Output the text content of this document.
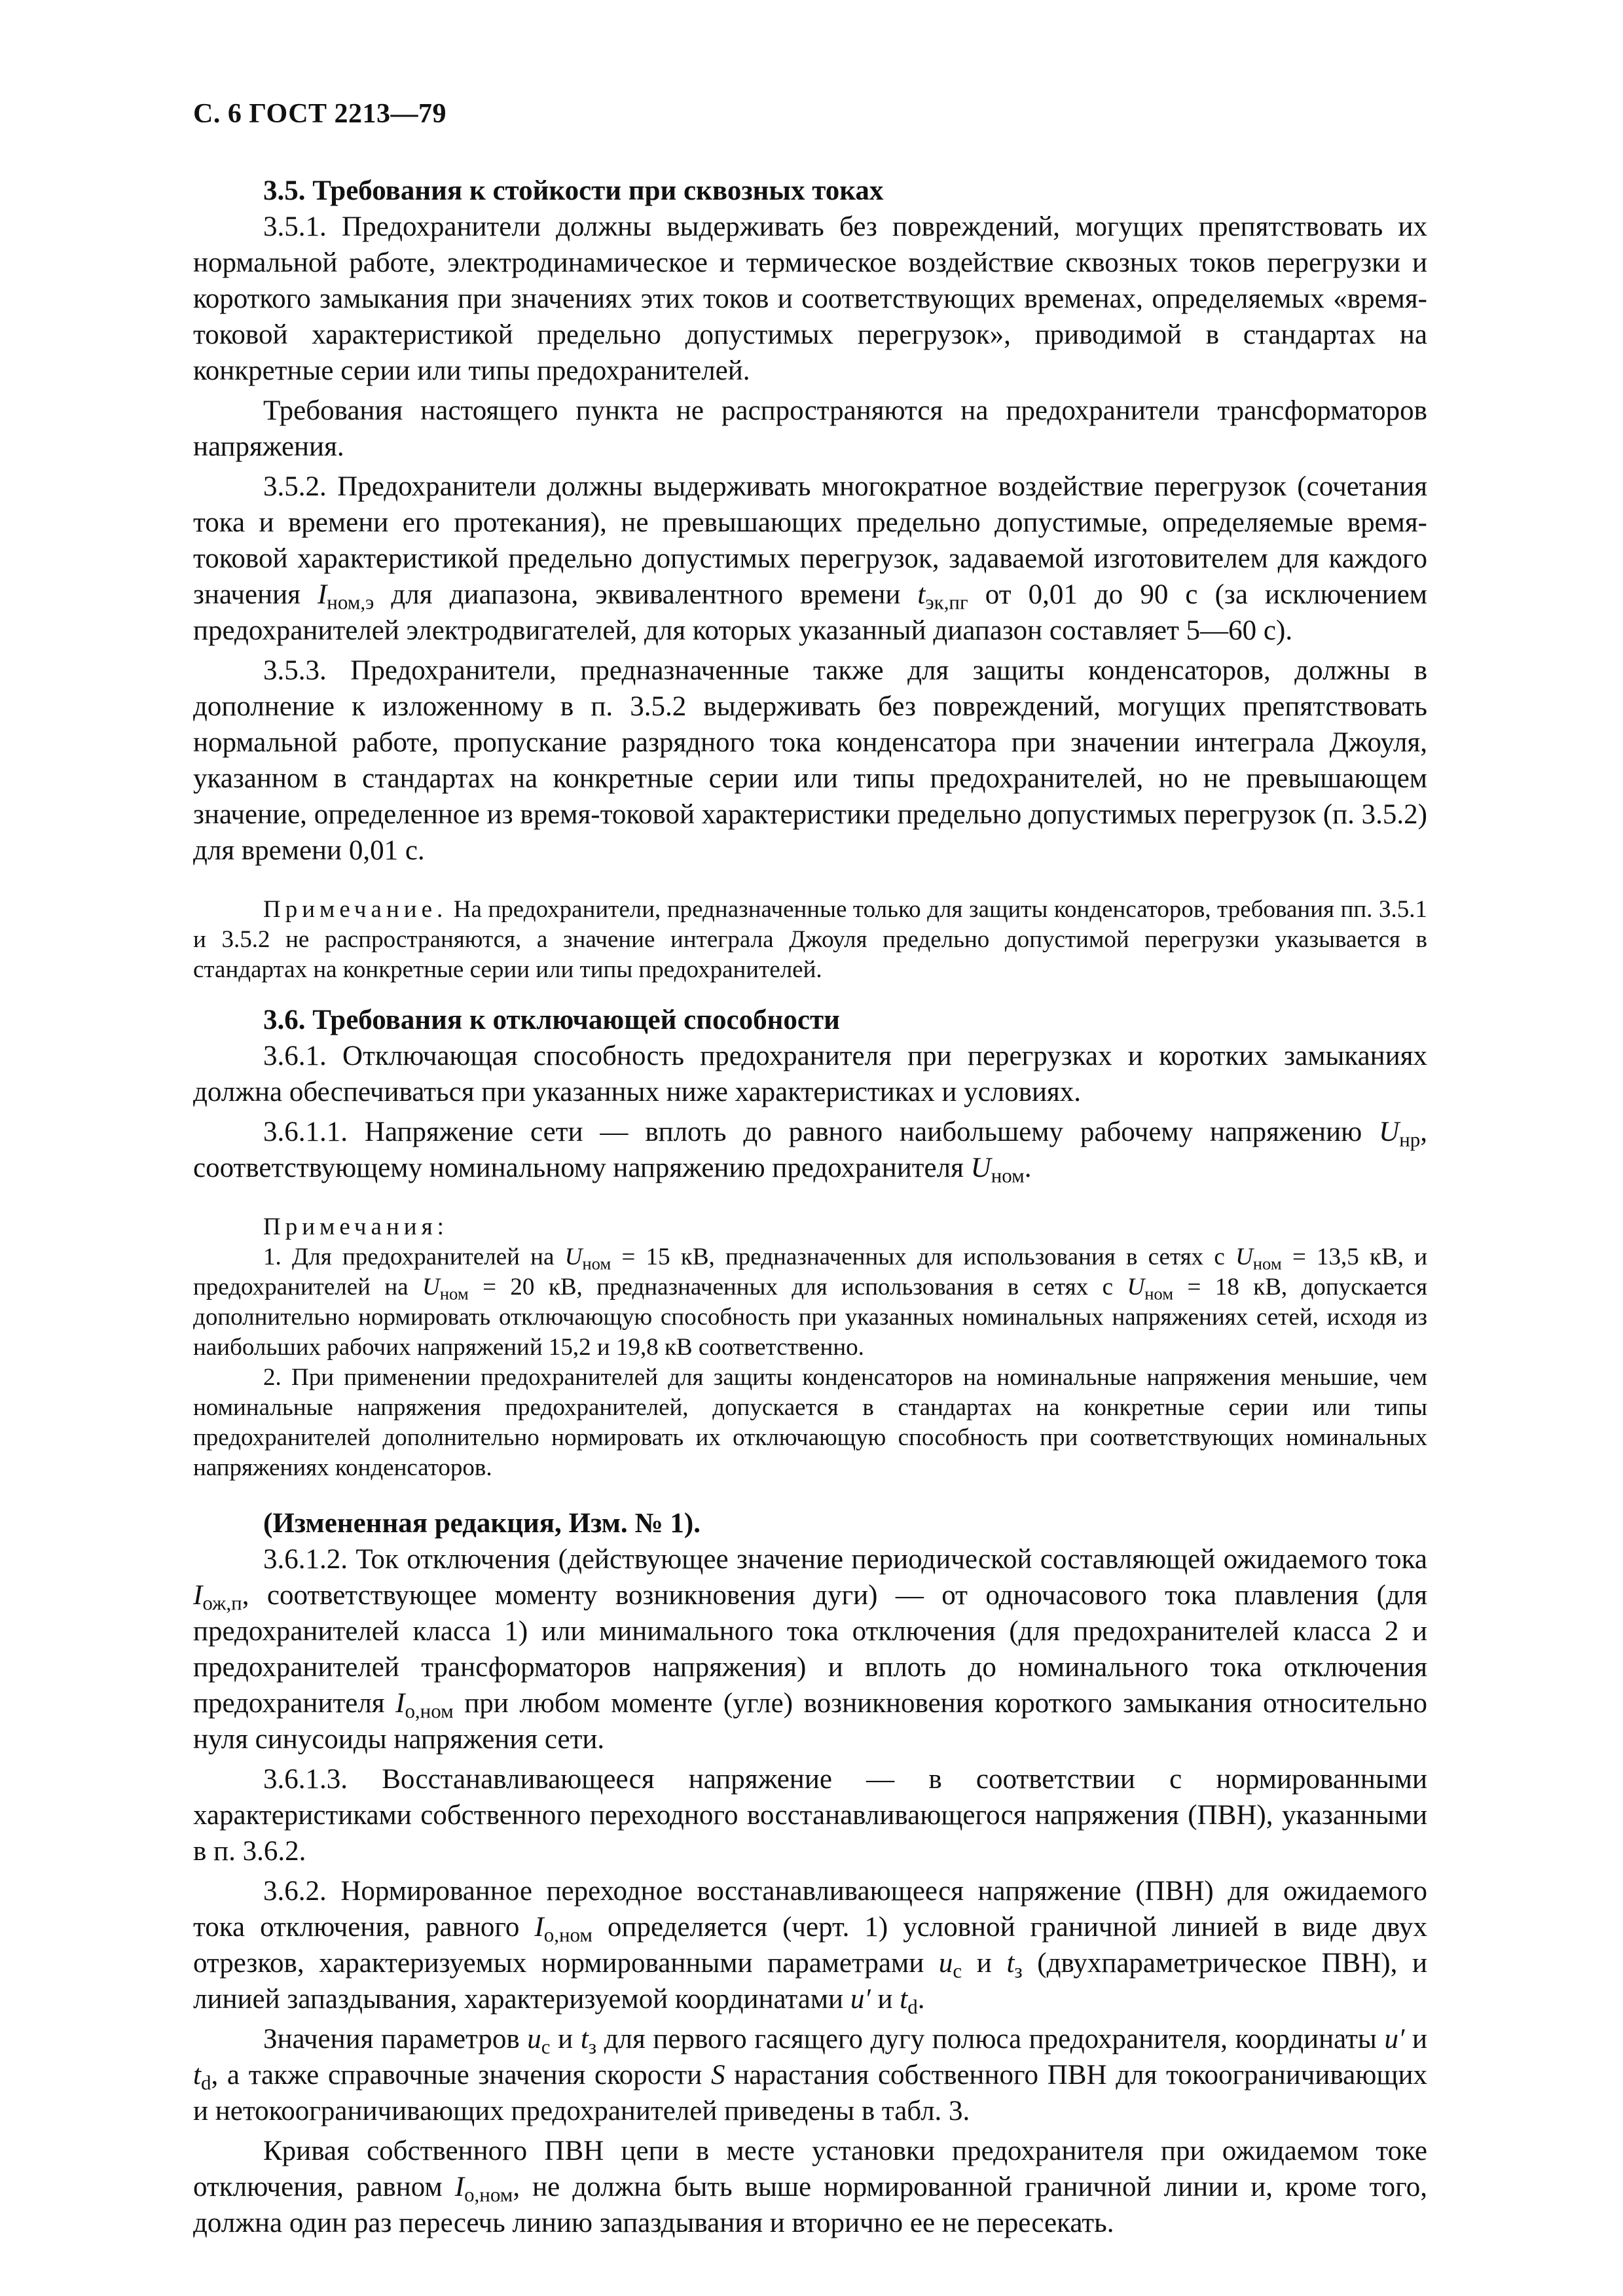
С. 6 ГОСТ 2213—79

3.5. Требования к стойкости при сквозных токах

3.5.1. Предохранители должны выдерживать без повреждений, могущих препятствовать их нормальной работе, электродинамическое и термическое воздействие сквозных токов перегрузки и короткого замыкания при значениях этих токов и соответствующих временах, определяемых «время-токовой характеристикой предельно допустимых перегрузок», приводимой в стандартах на конкретные серии или типы предохранителей.

Требования настоящего пункта не распространяются на предохранители трансформаторов напряжения.

3.5.2. Предохранители должны выдерживать многократное воздействие перегрузок (сочетания тока и времени его протекания), не превышающих предельно допустимые, определяемые время-токовой характеристикой предельно допустимых перегрузок, задаваемой изготовителем для каждого значения $I_{ном,э}$ для диапазона, эквивалентного времени $t_{эк,пг}$ от 0,01 до 90 с (за исключением предохранителей электродвигателей, для которых указанный диапазон составляет 5—60 с).

3.5.3. Предохранители, предназначенные также для защиты конденсаторов, должны в дополнение к изложенному в п. 3.5.2 выдерживать без повреждений, могущих препятствовать нормальной работе, пропускание разрядного тока конденсатора при значении интеграла Джоуля, указанном в стандартах на конкретные серии или типы предохранителей, но не превышающем значение, определенное из время-токовой характеристики предельно допустимых перегрузок (п. 3.5.2) для времени 0,01 с.

Примечание. На предохранители, предназначенные только для защиты конденсаторов, требования пп. 3.5.1 и 3.5.2 не распространяются, а значение интеграла Джоуля предельно допустимой перегрузки указывается в стандартах на конкретные серии или типы предохранителей.

3.6. Требования к отключающей способности

3.6.1. Отключающая способность предохранителя при перегрузках и коротких замыканиях должна обеспечиваться при указанных ниже характеристиках и условиях.

3.6.1.1. Напряжение сети — вплоть до равного наибольшему рабочему напряжению $U_{нр}$, соответствующему номинальному напряжению предохранителя $U_{ном}$.

Примечания:

1. Для предохранителей на $U_{ном} = 15$ кВ, предназначенных для использования в сетях с $U_{ном} = 13,5$ кВ, и предохранителей на $U_{ном} = 20$ кВ, предназначенных для использования в сетях с $U_{ном} = 18$ кВ, допускается дополнительно нормировать отключающую способность при указанных номинальных напряжениях сетей, исходя из наибольших рабочих напряжений 15,2 и 19,8 кВ соответственно.

2. При применении предохранителей для защиты конденсаторов на номинальные напряжения меньшие, чем номинальные напряжения предохранителей, допускается в стандартах на конкретные серии или типы предохранителей дополнительно нормировать их отключающую способность при соответствующих номинальных напряжениях конденсаторов.

(Измененная редакция, Изм. № 1).

3.6.1.2. Ток отключения (действующее значение периодической составляющей ожидаемого тока $I_{ож,п}$, соответствующее моменту возникновения дуги) — от одночасового тока плавления (для предохранителей класса 1) или минимального тока отключения (для предохранителей класса 2 и предохранителей трансформаторов напряжения) и вплоть до номинального тока отключения предохранителя $I_{о,ном}$ при любом моменте (угле) возникновения короткого замыкания относительно нуля синусоиды напряжения сети.

3.6.1.3. Восстанавливающееся напряжение — в соответствии с нормированными характеристиками собственного переходного восстанавливающегося напряжения (ПВН), указанными в п. 3.6.2.

3.6.2. Нормированное переходное восстанавливающееся напряжение (ПВН) для ожидаемого тока отключения, равного $I_{о,ном}$ определяется (черт. 1) условной граничной линией в виде двух отрезков, характеризуемых нормированными параметрами $u_с$ и $t_з$ (двухпараметрическое ПВН), и линией запаздывания, характеризуемой координатами u′ и $t_d$.

Значения параметров $u_с$ и $t_з$ для первого гасящего дугу полюса предохранителя, координаты u′ и $t_d$, а также справочные значения скорости S нарастания собственного ПВН для токоограничивающих и нетокоограничивающих предохранителей приведены в табл. 3.

Кривая собственного ПВН цепи в месте установки предохранителя при ожидаемом токе отключения, равном $I_{о,ном}$, не должна быть выше нормированной граничной линии и, кроме того, должна один раз пересечь линию запаздывания и вторично ее не пересекать.
